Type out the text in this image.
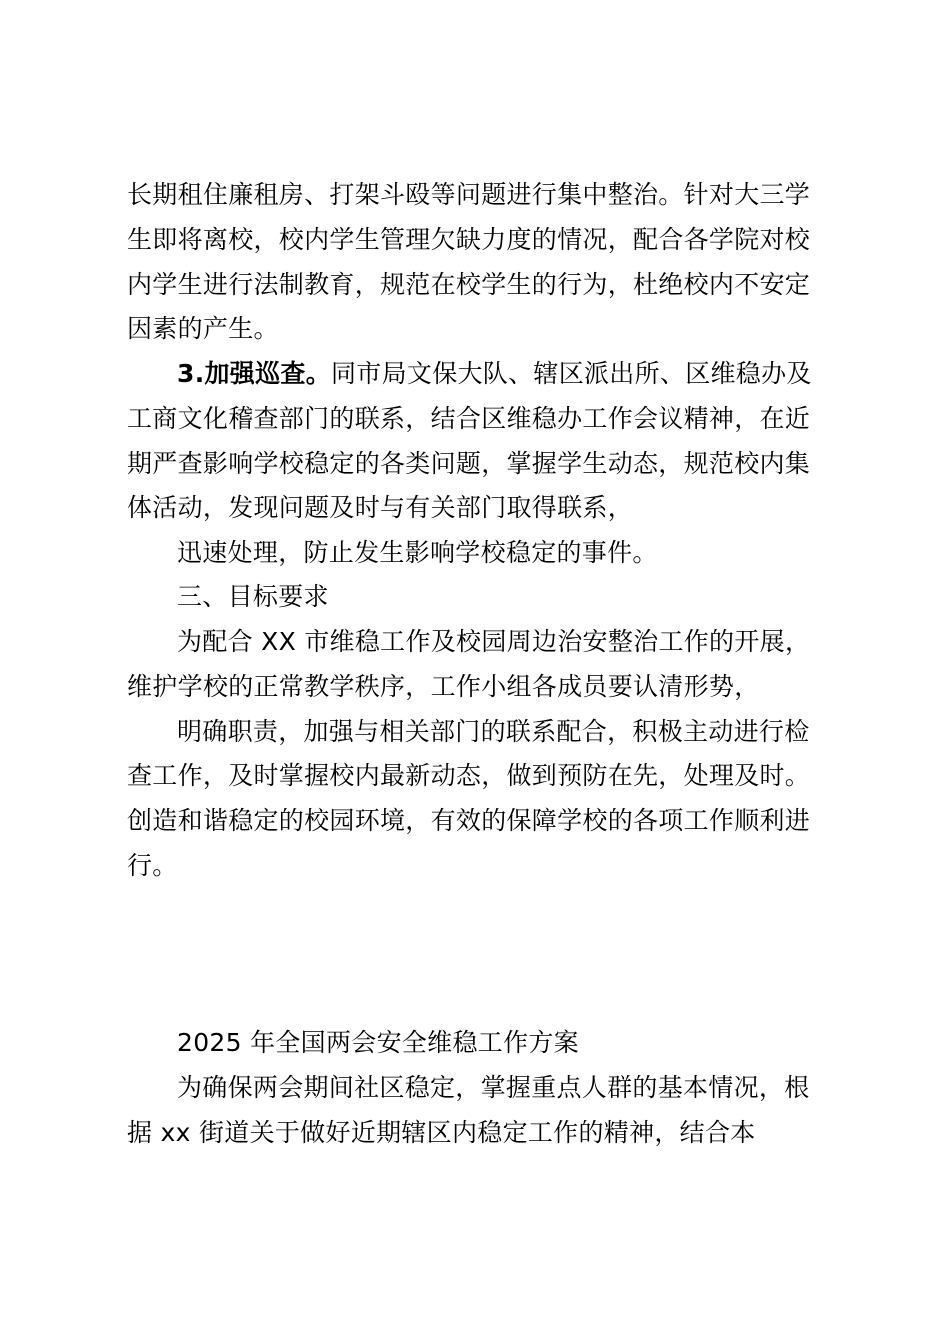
长期租住廉租房、打架斗殴等问题进行集中整治。针对大三学
生即将离校，校内学生管理欠缺力度的情况，配合各学院对校
内学生进行法制教育，规范在校学生的行为，杜绝校内不安定
因素的产生。
3.加强巡查。同市局文保大队、辖区派出所、区维稳办及
工商文化稽查部门的联系，结合区维稳办工作会议精神，在近
期严查影响学校稳定的各类问题，掌握学生动态，规范校内集
体活动，发现问题及时与有关部门取得联系，
迅速处理，防止发生影响学校稳定的事件。
三、目标要求
为配合 XX 市维稳工作及校园周边治安整治工作的开展，
维护学校的正常教学秩序，工作小组各成员要认清形势，
明确职责，加强与相关部门的联系配合，积极主动进行检
查工作，及时掌握校内最新动态，做到预防在先，处理及时。
创造和谐稳定的校园环境，有效的保障学校的各项工作顺利进
行。
2025 年全国两会安全维稳工作方案
为确保两会期间社区稳定，掌握重点人群的基本情况，根
据 xx 街道关于做好近期辖区内稳定工作的精神，结合本
